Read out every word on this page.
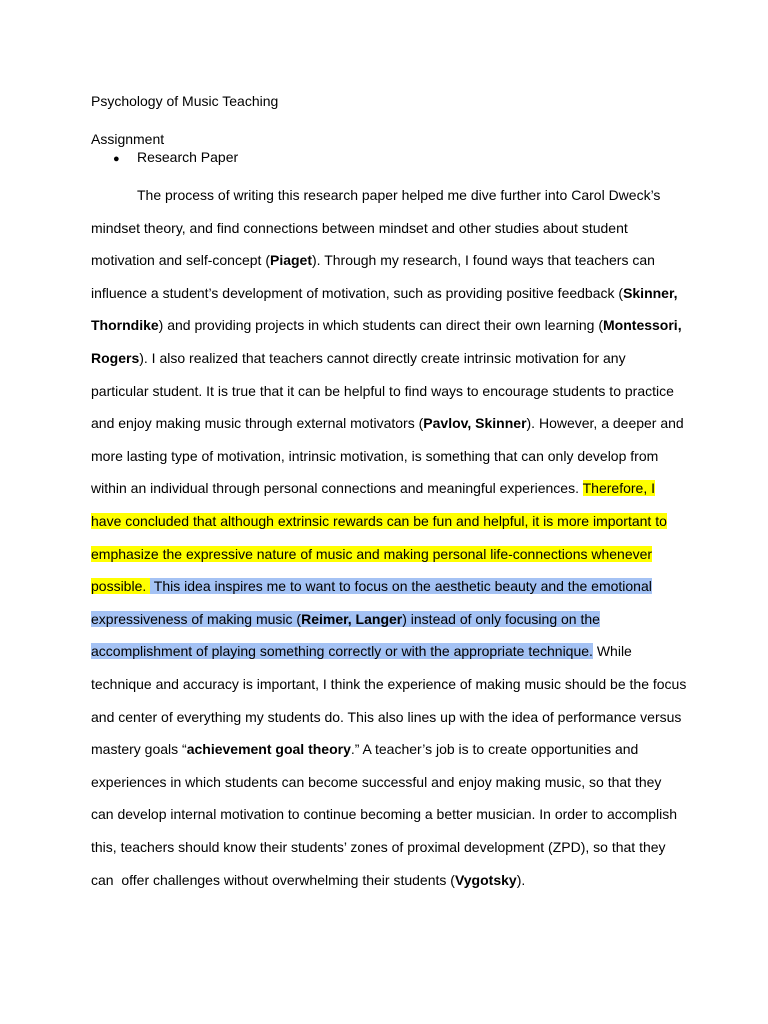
Psychology of Music Teaching
Assignment
● Research Paper
The process of writing this research paper helped me dive further into Carol Dweck’s
mindset theory, and find connections between mindset and other studies about student
motivation and self-concept (Piaget). Through my research, I found ways that teachers can
influence a student’s development of motivation, such as providing positive feedback (Skinner,
Thorndike) and providing projects in which students can direct their own learning (Montessori,
Rogers). I also realized that teachers cannot directly create intrinsic motivation for any
particular student. It is true that it can be helpful to find ways to encourage students to practice
and enjoy making music through external motivators (Pavlov, Skinner). However, a deeper and
more lasting type of motivation, intrinsic motivation, is something that can only develop from
within an individual through personal connections and meaningful experiences. Therefore, I
have concluded that although extrinsic rewards can be fun and helpful, it is more important to
emphasize the expressive nature of music and making personal life-connections whenever
possible.  This idea inspires me to want to focus on the aesthetic beauty and the emotional
expressiveness of making music (Reimer, Langer) instead of only focusing on the
accomplishment of playing something correctly or with the appropriate technique. While
technique and accuracy is important, I think the experience of making music should be the focus
and center of everything my students do. This also lines up with the idea of performance versus
mastery goals “achievement goal theory.” A teacher’s job is to create opportunities and
experiences in which students can become successful and enjoy making music, so that they
can develop internal motivation to continue becoming a better musician. In order to accomplish
this, teachers should know their students’ zones of proximal development (ZPD), so that they
can  offer challenges without overwhelming their students (Vygotsky).
